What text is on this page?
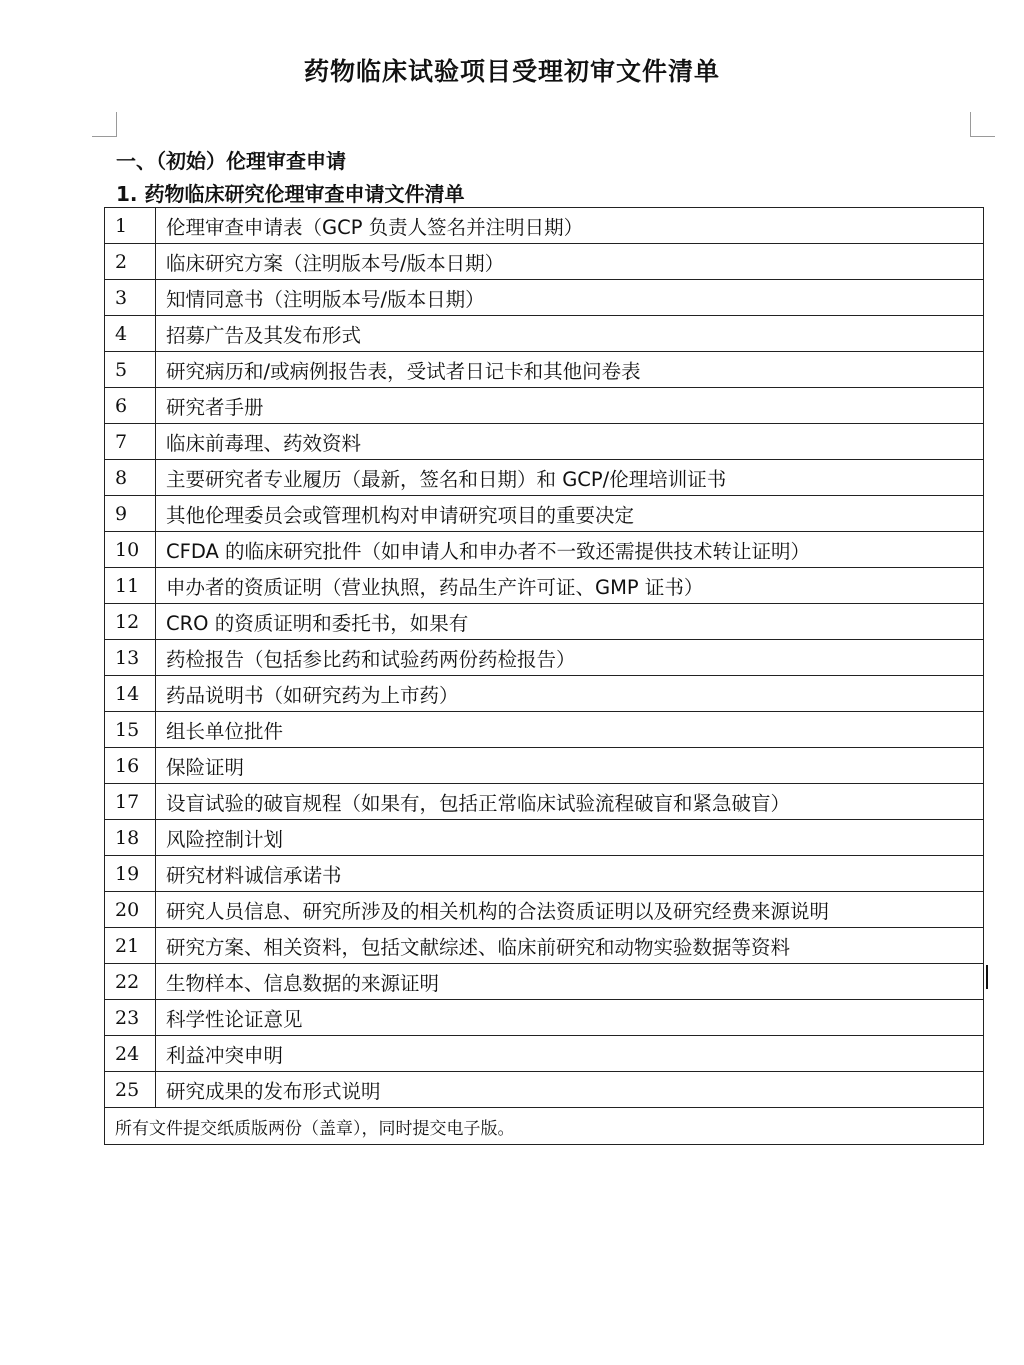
药物临床试验项目受理初审文件清单
一、（初始）伦理审查申请
1. 药物临床研究伦理审查申请文件清单
1	伦理审查申请表（GCP 负责人签名并注明日期）
2	临床研究方案（注明版本号/版本日期）
3	知情同意书（注明版本号/版本日期）
4	招募广告及其发布形式
5	研究病历和/或病例报告表，受试者日记卡和其他问卷表
6	研究者手册
7	临床前毒理、药效资料
8	主要研究者专业履历（最新，签名和日期）和 GCP/伦理培训证书
9	其他伦理委员会或管理机构对申请研究项目的重要决定
10	CFDA 的临床研究批件（如申请人和申办者不一致还需提供技术转让证明）
11	申办者的资质证明（营业执照，药品生产许可证、GMP 证书）
12	CRO 的资质证明和委托书，如果有
13	药检报告（包括参比药和试验药两份药检报告）
14	药品说明书（如研究药为上市药）
15	组长单位批件
16	保险证明
17	设盲试验的破盲规程（如果有，包括正常临床试验流程破盲和紧急破盲）
18	风险控制计划
19	研究材料诚信承诺书
20	研究人员信息、研究所涉及的相关机构的合法资质证明以及研究经费来源说明
21	研究方案、相关资料，包括文献综述、临床前研究和动物实验数据等资料
22	生物样本、信息数据的来源证明
23	科学性论证意见
24	利益冲突申明
25	研究成果的发布形式说明
所有文件提交纸质版两份（盖章），同时提交电子版。	
